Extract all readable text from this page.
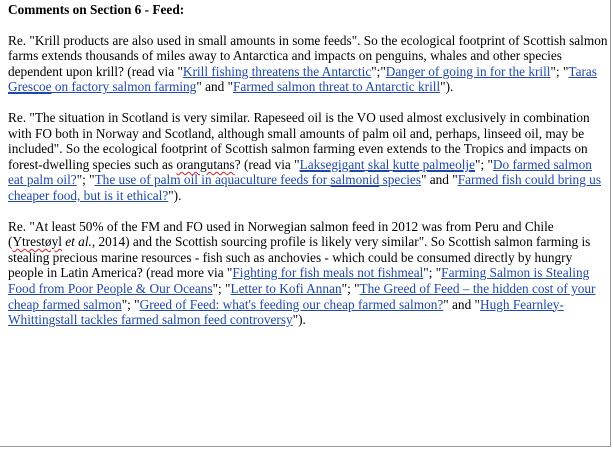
Comments on Section 6 - Feed:

Re. "Krill products are also used in small amounts in some feeds". So the ecological footprint of Scottish salmon farms extends thousands of miles away to Antarctica and impacts on penguins, whales and other species dependent upon krill? (read via "Krill fishing threatens the Antarctic";"Danger of going in for the krill"; "Taras Grescoe on factory salmon farming" and "Farmed salmon threat to Antarctic krill").

Re. "The situation in Scotland is very similar. Rapeseed oil is the VO used almost exclusively in combination with FO both in Norway and Scotland, although small amounts of palm oil and, perhaps, linseed oil, may be included". So the ecological footprint of Scottish salmon farming even extends to the Tropics and impacts on forest-dwelling species such as orangutans? (read via "Laksegigant skal kutte palmeolje"; "Do farmed salmon eat palm oil?"; "The use of palm oil in aquaculture feeds for salmonid species" and "Farmed fish could bring us cheaper food, but is it ethical?").

Re. "At least 50% of the FM and FO used in Norwegian salmon feed in 2012 was from Peru and Chile (Ytrestøyl et al., 2014) and the Scottish sourcing profile is likely very similar". So Scottish salmon farming is stealing precious marine resources - fish such as anchovies - which could be consumed directly by hungry people in Latin America? (read more via "Fighting for fish meals not fishmeal"; "Farming Salmon is Stealing Food from Poor People & Our Oceans"; "Letter to Kofi Annan"; "The Greed of Feed – the hidden cost of your cheap farmed salmon"; "Greed of Feed: what's feeding our cheap farmed salmon?" and "Hugh Fearnley-Whittingstall tackles farmed salmon feed controversy").
